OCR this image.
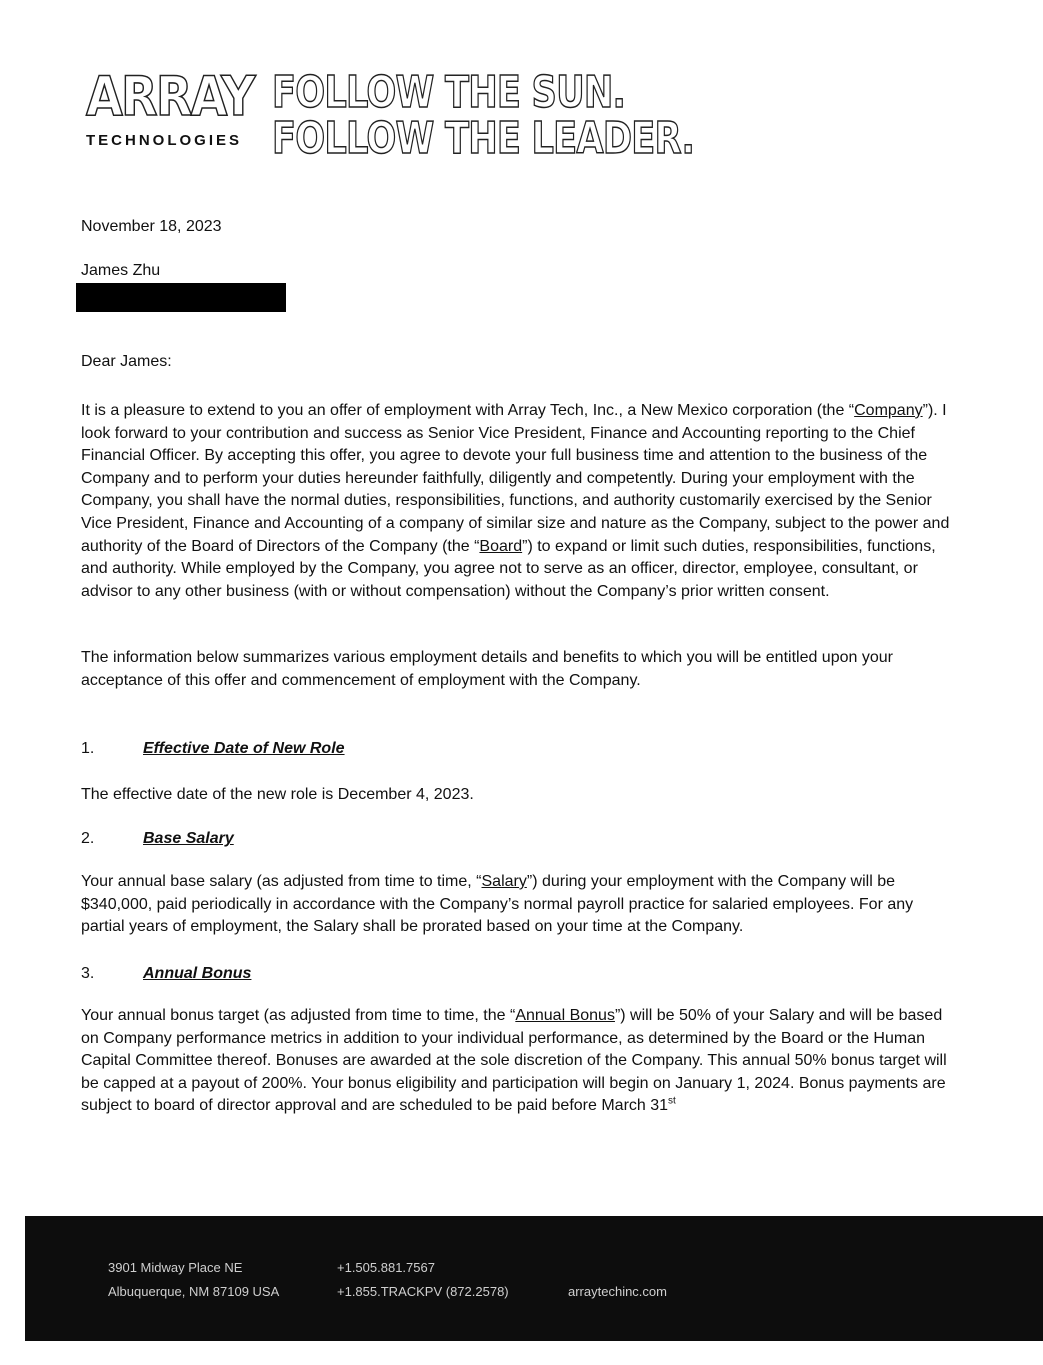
ARRAY
TECHNOLOGIES
FOLLOW THE SUN.
FOLLOW THE LEADER.
November 18, 2023
James Zhu
Dear James:
It is a pleasure to extend to you an offer of employment with Array Tech, Inc., a New Mexico corporation (the “Company”). I look forward to your contribution and success as Senior Vice President, Finance and Accounting reporting to the Chief Financial Officer. By accepting this offer, you agree to devote your full business time and attention to the business of the Company and to perform your duties hereunder faithfully, diligently and competently. During your employment with the Company, you shall have the normal duties, responsibilities, functions, and authority customarily exercised by the Senior Vice President, Finance and Accounting of a company of similar size and nature as the Company, subject to the power and authority of the Board of Directors of the Company (the “Board”) to expand or limit such duties, responsibilities, functions, and authority. While employed by the Company, you agree not to serve as an officer, director, employee, consultant, or advisor to any other business (with or without compensation) without the Company’s prior written consent.
The information below summarizes various employment details and benefits to which you will be entitled upon your acceptance of this offer and commencement of employment with the Company.
1.	Effective Date of New Role
The effective date of the new role is December 4, 2023.
2.	Base Salary
Your annual base salary (as adjusted from time to time, “Salary”) during your employment with the Company will be $340,000, paid periodically in accordance with the Company’s normal payroll practice for salaried employees. For any partial years of employment, the Salary shall be prorated based on your time at the Company.
3.	Annual Bonus
Your annual bonus target (as adjusted from time to time, the “Annual Bonus”) will be 50% of your Salary and will be based on Company performance metrics in addition to your individual performance, as determined by the Board or the Human Capital Committee thereof. Bonuses are awarded at the sole discretion of the Company. This annual 50% bonus target will be capped at a payout of 200%. Your bonus eligibility and participation will begin on January 1, 2024. Bonus payments are subject to board of director approval and are scheduled to be paid before March 31st
3901 Midway Place NE
Albuquerque, NM 87109 USA
+1.505.881.7567
+1.855.TRACKPV (872.2578)	arraytechinc.com
